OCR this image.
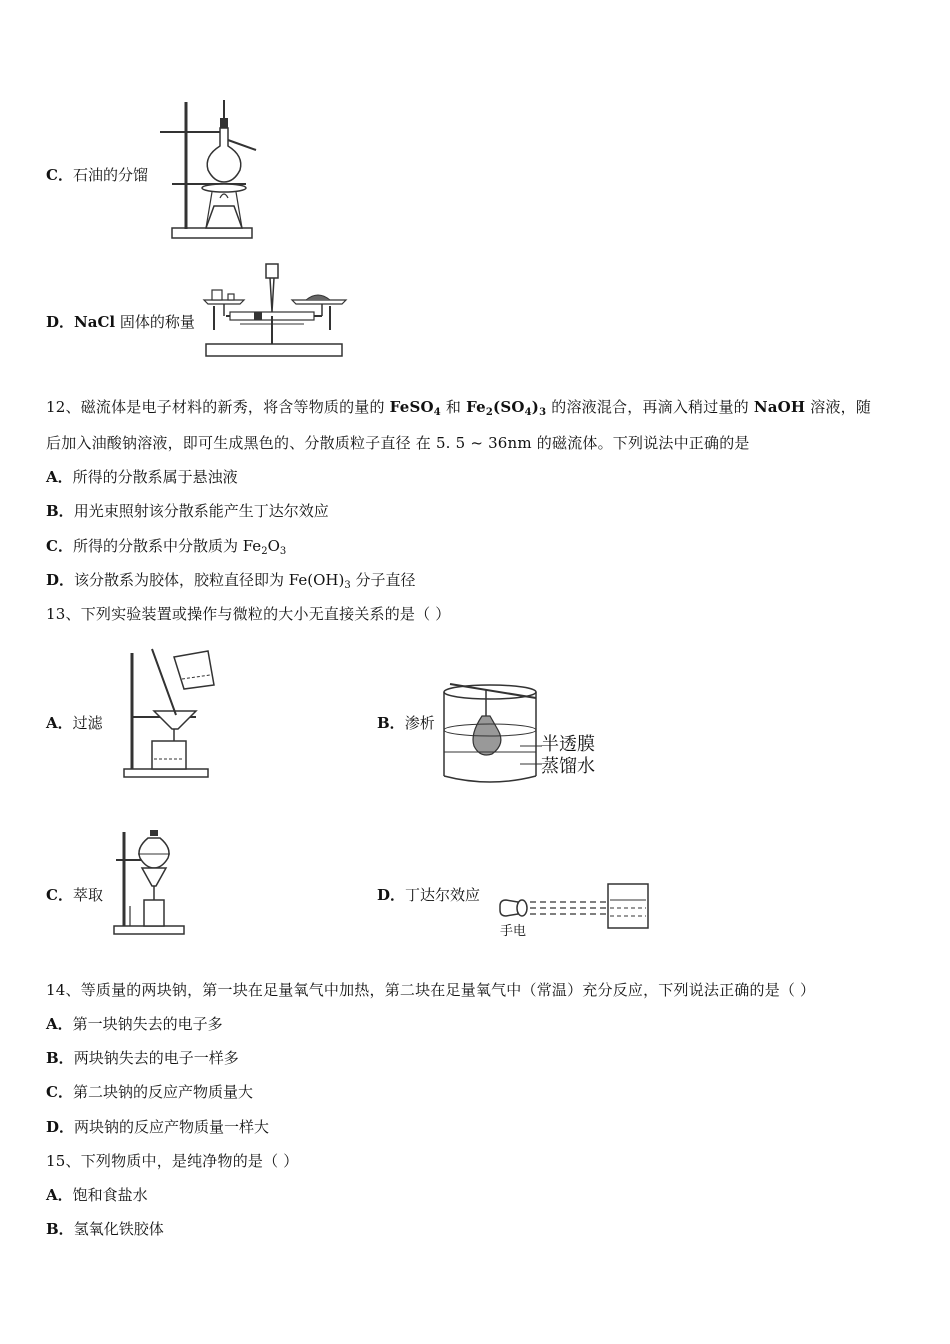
C．石油的分馏
D．NaCl 固体的称量
12、磁流体是电子材料的新秀，将含等物质的量的 FeSO$_4$ 和 $Fe_2(SO_4)_3$ 的溶液混合，再滴入稍过量的 NaOH 溶液，随
后加入油酸钠溶液，即可生成黑色的、分散质粒子直径 在 5. 5 ~ 36nm 的磁流体。下列说法中正确的是
A．所得的分散系属于悬浊液
B．用光束照射该分散系能产生丁达尔效应
C．所得的分散系中分散质为 $Fe_2O_3$
D．该分散系为胶体，胶粒直径即为 $Fe(OH)_3$ 分子直径
13、下列实验装置或操作与微粒的大小无直接关系的是（ ）
A．过滤	B．渗析
半透膜
蒸馏水
C．萃取	D．丁达尔效应
手电
14、等质量的两块钠，第一块在足量氧气中加热，第二块在足量氧气中（常温）充分反应，下列说法正确的是（ ）
A．第一块钠失去的电子多
B．两块钠失去的电子一样多
C．第二块钠的反应产物质量大
D．两块钠的反应产物质量一样大
15、下列物质中，是纯净物的是（ ）
A．饱和食盐水
B．氢氧化铁胶体
